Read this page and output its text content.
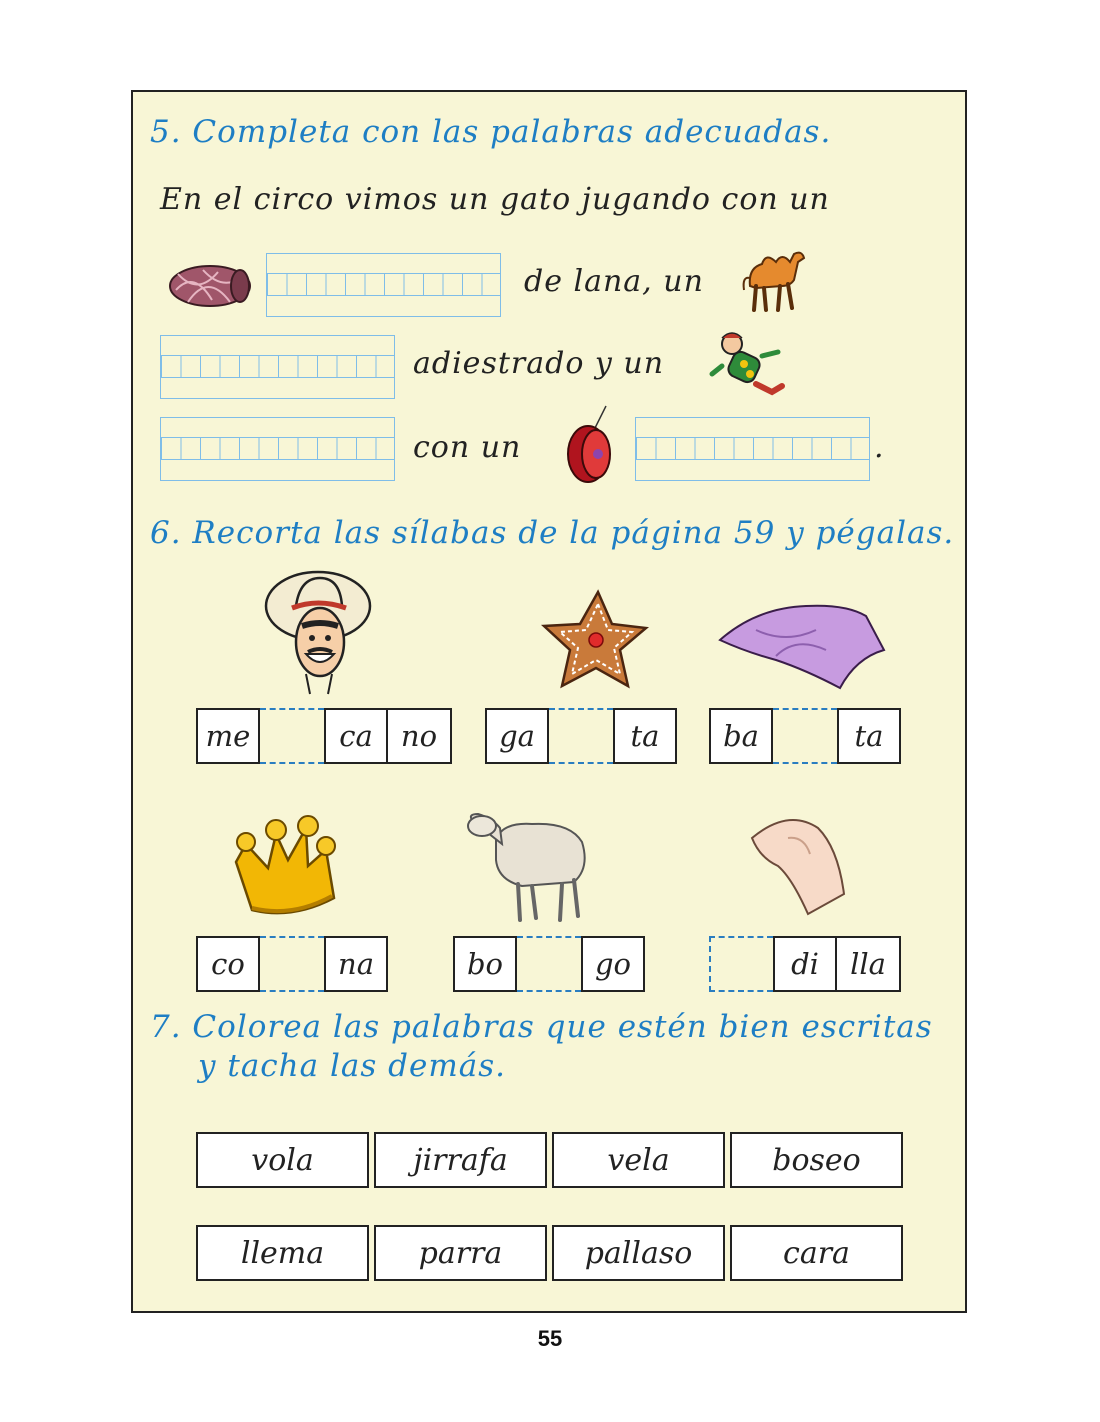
5. Completa con las palabras adecuadas.
En el circo vimos un gato jugando con un
de lana, un
adiestrado y un
con un	.
6. Recorta las sílabas de la página 59 y pégalas.
me	ca no	ga	ta	ba	ta
co	na	bo	go	di	lla
7. Colorea las palabras que estén bien escritas
y tacha las demás.
vola	jirrafa	vela	boseo
llema	parra	pallaso	cara
55
